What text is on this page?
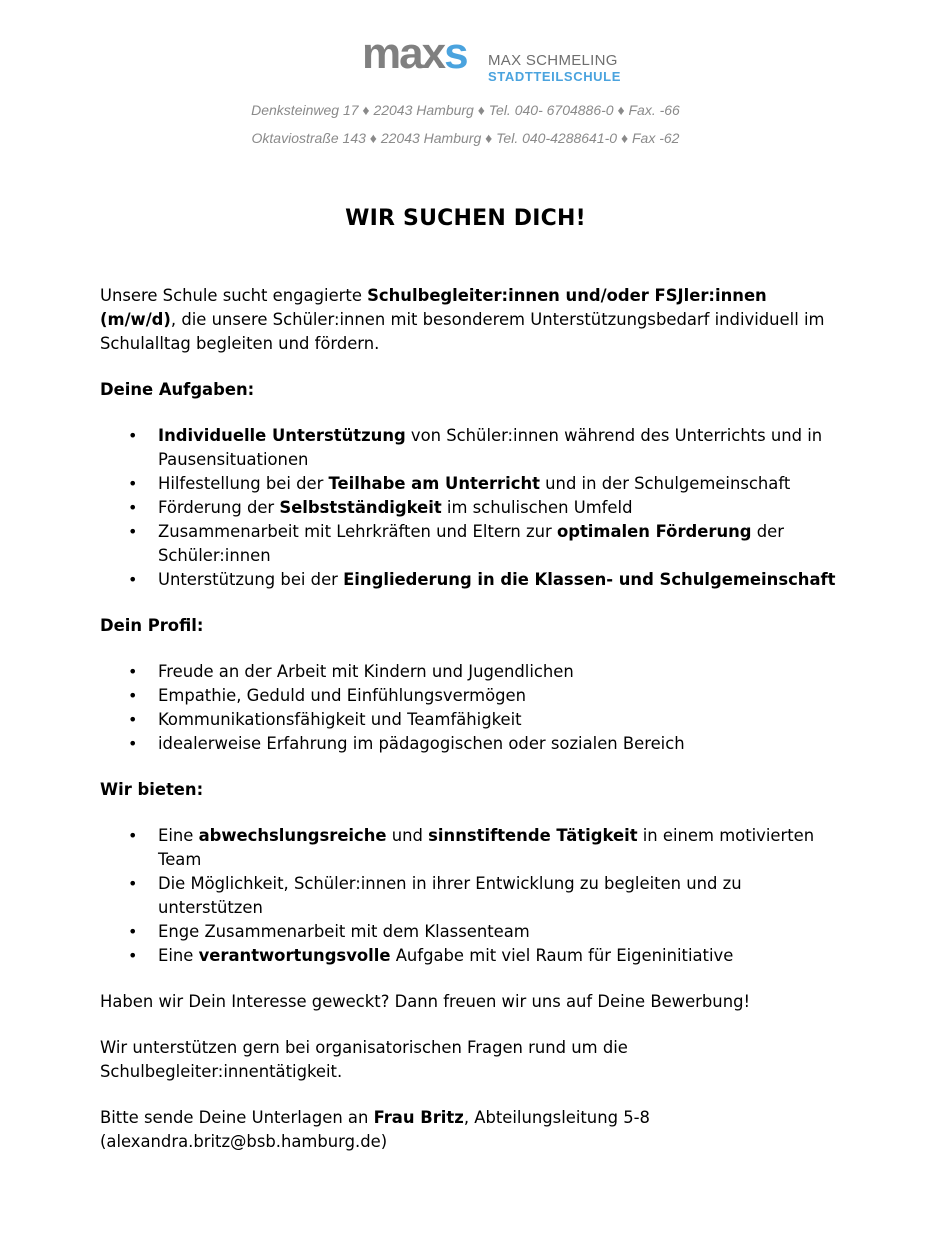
maxs MAX SCHMELING
STADTTEILSCHULE
Denksteinweg 17 ♦ 22043 Hamburg ♦ Tel. 040- 6704886-0 ♦ Fax. -66
Oktaviostraße 143 ♦ 22043 Hamburg ♦ Tel. 040-4288641-0 ♦ Fax -62
WIR SUCHEN DICH!

Unsere Schule sucht engagierte Schulbegleiter:innen und/oder FSJler:innen (m/w/d), die unsere Schüler:innen mit besonderem Unterstützungsbedarf individuell im Schulalltag begleiten und fördern.

Deine Aufgaben:

• Individuelle Unterstützung von Schüler:innen während des Unterrichts und in Pausensituationen
• Hilfestellung bei der Teilhabe am Unterricht und in der Schulgemeinschaft
• Förderung der Selbstständigkeit im schulischen Umfeld
• Zusammenarbeit mit Lehrkräften und Eltern zur optimalen Förderung der Schüler:innen
• Unterstützung bei der Eingliederung in die Klassen- und Schulgemeinschaft

Dein Profil:

• Freude an der Arbeit mit Kindern und Jugendlichen
• Empathie, Geduld und Einfühlungsvermögen
• Kommunikationsfähigkeit und Teamfähigkeit
• idealerweise Erfahrung im pädagogischen oder sozialen Bereich

Wir bieten:

• Eine abwechslungsreiche und sinnstiftende Tätigkeit in einem motivierten Team
• Die Möglichkeit, Schüler:innen in ihrer Entwicklung zu begleiten und zu unterstützen
• Enge Zusammenarbeit mit dem Klassenteam
• Eine verantwortungsvolle Aufgabe mit viel Raum für Eigeninitiative

Haben wir Dein Interesse geweckt? Dann freuen wir uns auf Deine Bewerbung!

Wir unterstützen gern bei organisatorischen Fragen rund um die Schulbegleiter:innentätigkeit.

Bitte sende Deine Unterlagen an Frau Britz, Abteilungsleitung 5-8
(alexandra.britz@bsb.hamburg.de)
